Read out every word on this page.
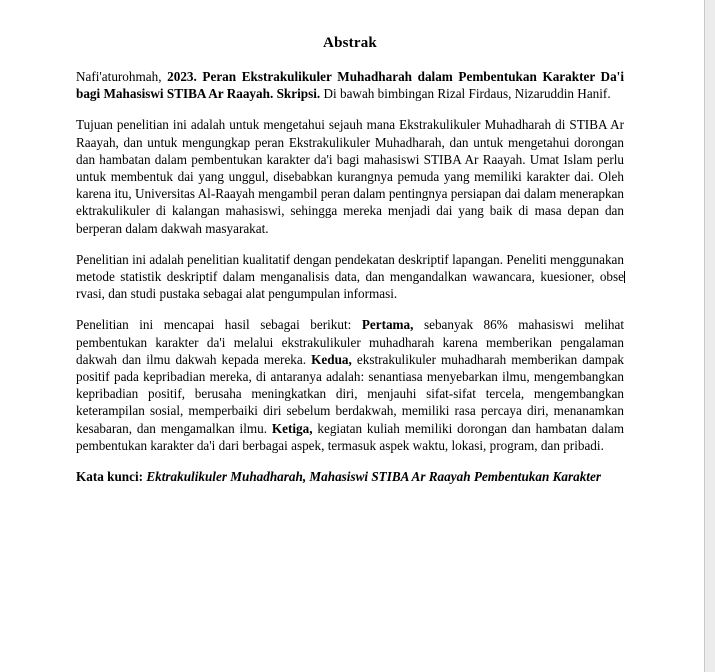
Abstrak

Nafi'aturohmah, 2023. Peran Ekstrakulikuler Muhadharah dalam Pembentukan Karakter Da'i bagi Mahasiswi STIBA Ar Raayah. Skripsi. Di bawah bimbingan Rizal Firdaus, Nizaruddin Hanif.

Tujuan penelitian ini adalah untuk mengetahui sejauh mana Ekstrakulikuler Muhadharah di STIBA Ar Raayah, dan untuk mengungkap peran Ekstrakulikuler Muhadharah, dan untuk mengetahui dorongan dan hambatan dalam pembentukan karakter da'i bagi mahasiswi STIBA Ar Raayah. Umat Islam perlu untuk membentuk dai yang unggul, disebabkan kurangnya pemuda yang memiliki karakter dai. Oleh karena itu, Universitas Al-Raayah mengambil peran dalam pentingnya persiapan dai dalam menerapkan ektrakulikuler di kalangan mahasiswi, sehingga mereka menjadi dai yang baik di masa depan dan berperan dalam dakwah masyarakat.

Penelitian ini adalah penelitian kualitatif dengan pendekatan deskriptif lapangan. Peneliti menggunakan metode statistik deskriptif dalam menganalisis data, dan mengandalkan wawancara, kuesioner, observasi, dan studi pustaka sebagai alat pengumpulan informasi.

Penelitian ini mencapai hasil sebagai berikut: Pertama, sebanyak 86% mahasiswi melihat pembentukan karakter da'i melalui ekstrakulikuler muhadharah karena memberikan pengalaman dakwah dan ilmu dakwah kepada mereka. Kedua, ekstrakulikuler muhadharah memberikan dampak positif pada kepribadian mereka, di antaranya adalah: senantiasa menyebarkan ilmu, mengembangkan kepribadian positif, berusaha meningkatkan diri, menjauhi sifat-sifat tercela, mengembangkan keterampilan sosial, memperbaiki diri sebelum berdakwah, memiliki rasa percaya diri, menanamkan kesabaran, dan mengamalkan ilmu. Ketiga, kegiatan kuliah memiliki dorongan dan hambatan dalam pembentukan karakter da'i dari berbagai aspek, termasuk aspek waktu, lokasi, program, dan pribadi.

Kata kunci: Ektrakulikuler Muhadharah, Mahasiswi STIBA Ar Raayah Pembentukan Karakter
